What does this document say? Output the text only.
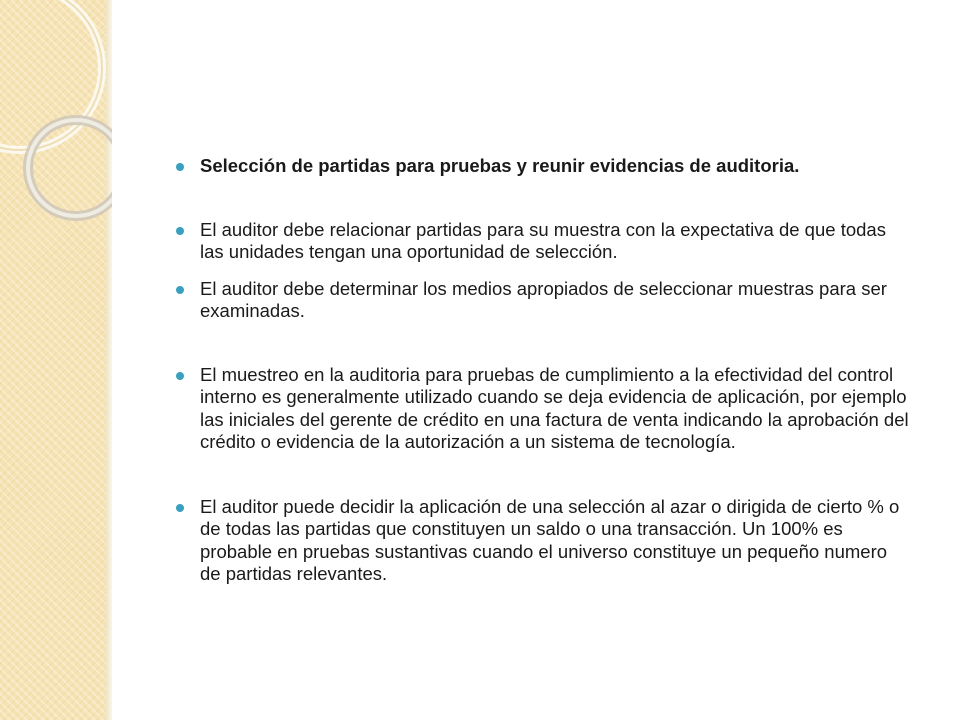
Selección de partidas para pruebas y reunir evidencias de auditoria.
El auditor debe relacionar partidas para su muestra con la expectativa de que todas las unidades tengan una oportunidad de selección.
El auditor debe determinar los medios apropiados de seleccionar muestras para ser examinadas.
El muestreo en la auditoria para pruebas de cumplimiento a la efectividad del control interno es generalmente utilizado cuando se deja evidencia de aplicación, por ejemplo las iniciales del gerente de crédito en una factura de venta indicando la aprobación del crédito o evidencia de la autorización a un sistema de tecnología.
El auditor puede decidir la aplicación de una selección al azar o dirigida de cierto % o de todas las partidas que constituyen un saldo o una transacción. Un 100% es probable en pruebas sustantivas cuando el universo constituye un pequeño numero de partidas relevantes.
